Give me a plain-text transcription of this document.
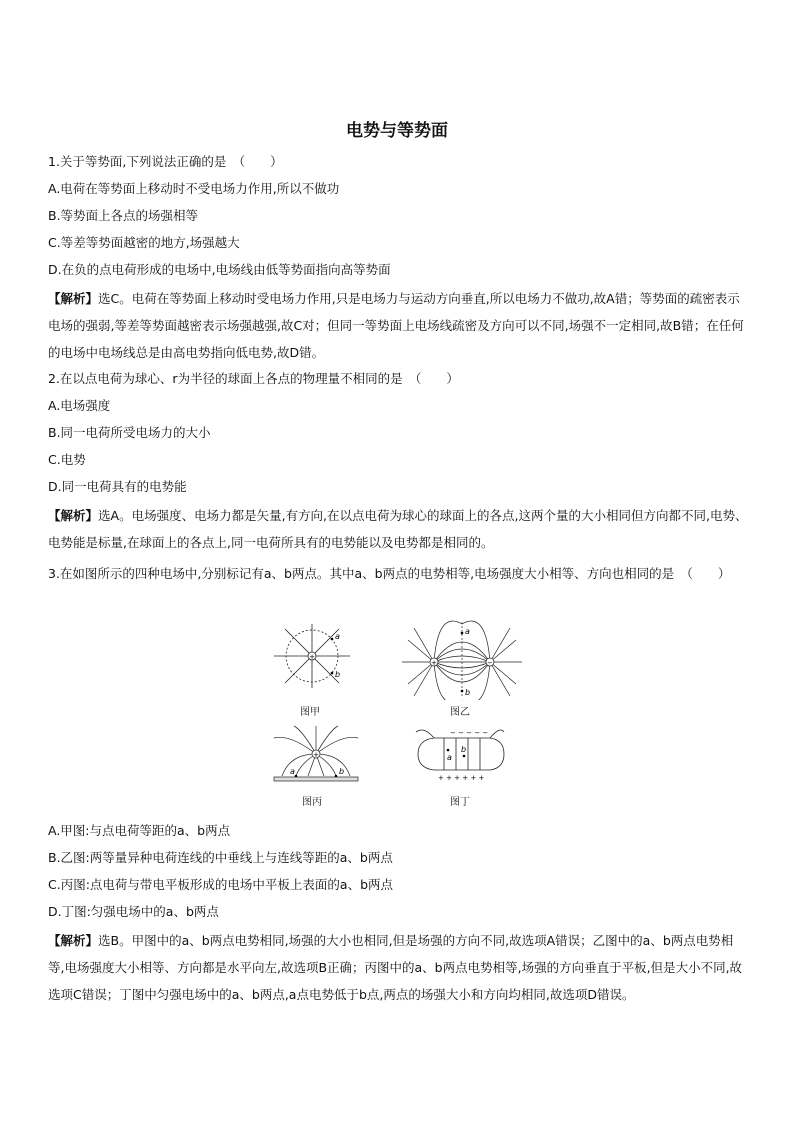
电势与等势面
1.关于等势面,下列说法正确的是　（　　）
A.电荷在等势面上移动时不受电场力作用,所以不做功
B.等势面上各点的场强相等
C.等差等势面越密的地方,场强越大
D.在负的点电荷形成的电场中,电场线由低等势面指向高等势面
【解析】选C。电荷在等势面上移动时受电场力作用,只是电场力与运动方向垂直,所以电场力不做功,故A错；等势面的疏密表示电场的强弱,等差等势面越密表示场强越强,故C对；但同一等势面上电场线疏密及方向可以不同,场强不一定相同,故B错；在任何的电场中电场线总是由高电势指向低电势,故D错。
2.在以点电荷为球心、r为半径的球面上各点的物理量不相同的是　（　　）
A.电场强度
B.同一电荷所受电场力的大小
C.电势
D.同一电荷具有的电势能
【解析】选A。电场强度、电场力都是矢量,有方向,在以点电荷为球心的球面上的各点,这两个量的大小相同但方向都不同,电势、电势能是标量,在球面上的各点上,同一电荷所具有的电势能以及电势都是相同的。
3.在如图所示的四种电场中,分别标记有a、b两点。其中a、b两点的电势相等,电场强度大小相等、方向也相同的是　（　　）
+
a
b
图甲
+	−
a
b
图乙
+
a	b
图丙
− − − − −
+ + + + + +
a
b
图丁
A.甲图:与点电荷等距的a、b两点
B.乙图:两等量异种电荷连线的中垂线上与连线等距的a、b两点
C.丙图:点电荷与带电平板形成的电场中平板上表面的a、b两点
D.丁图:匀强电场中的a、b两点
【解析】选B。甲图中的a、b两点电势相同,场强的大小也相同,但是场强的方向不同,故选项A错误；乙图中的a、b两点电势相等,电场强度大小相等、方向都是水平向左,故选项B正确；丙图中的a、b两点电势相等,场强的方向垂直于平板,但是大小不同,故选项C错误；丁图中匀强电场中的a、b两点,a点电势低于b点,两点的场强大小和方向均相同,故选项D错误。
